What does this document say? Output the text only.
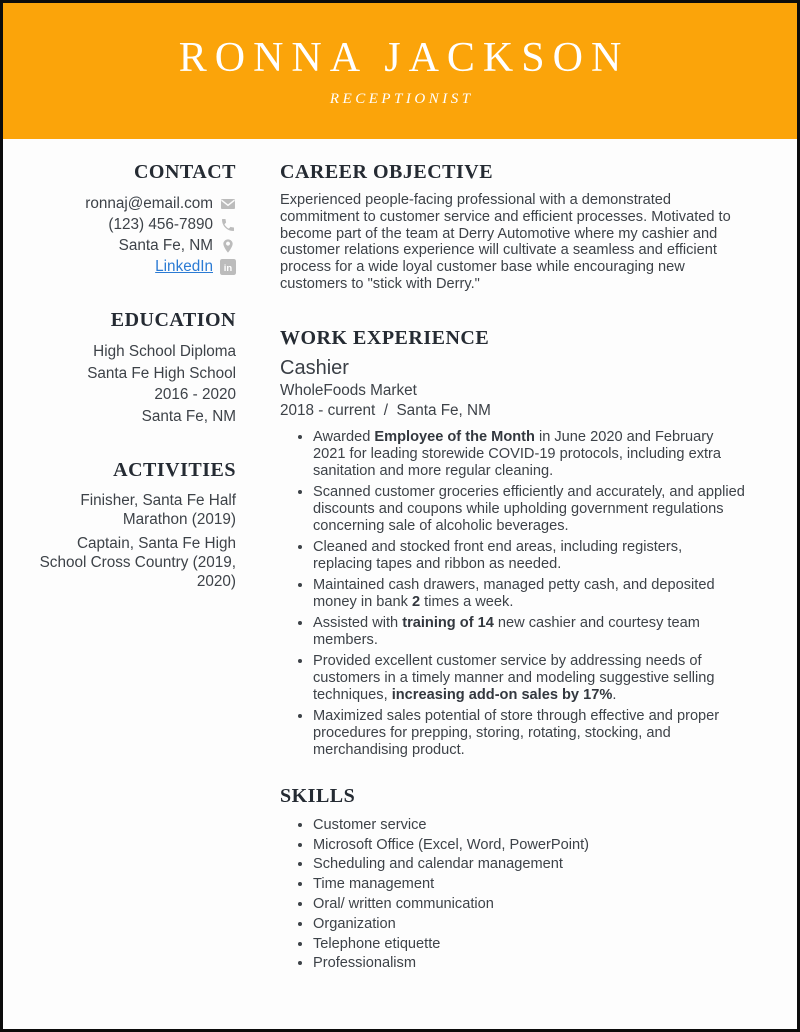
RONNA JACKSON
RECEPTIONIST
CONTACT
ronnaj@email.com
(123) 456-7890
Santa Fe, NM
LinkedIn in
EDUCATION

High School Diploma

Santa Fe High School

2016 - 2020

Santa Fe, NM

ACTIVITIES

Finisher, Santa Fe Half Marathon (2019)

Captain, Santa Fe High School Cross Country (2019, 2020)

CAREER OBJECTIVE

Experienced people-facing professional with a demonstrated commitment to customer service and efficient processes. Motivated to become part of the team at Derry Automotive where my cashier and customer relations experience will cultivate a seamless and efficient process for a wide loyal customer base while encouraging new customers to "stick with Derry."

WORK EXPERIENCE

Cashier

WholeFoods Market

2018 - current  /  Santa Fe, NM

• Awarded Employee of the Month in June 2020 and February 2021 for leading storewide COVID-19 protocols, including extra sanitation and more regular cleaning.
• Scanned customer groceries efficiently and accurately, and applied discounts and coupons while upholding government regulations concerning sale of alcoholic beverages.
• Cleaned and stocked front end areas, including registers, replacing tapes and ribbon as needed.
• Maintained cash drawers, managed petty cash, and deposited money in bank 2 times a week.
• Assisted with training of 14 new cashier and courtesy team members.
• Provided excellent customer service by addressing needs of customers in a timely manner and modeling suggestive selling techniques, increasing add-on sales by 17%.
• Maximized sales potential of store through effective and proper procedures for prepping, storing, rotating, stocking, and merchandising product.
SKILLS
• Customer service
• Microsoft Office (Excel, Word, PowerPoint)
• Scheduling and calendar management
• Time management
• Oral/ written communication
• Organization
• Telephone etiquette
• Professionalism
